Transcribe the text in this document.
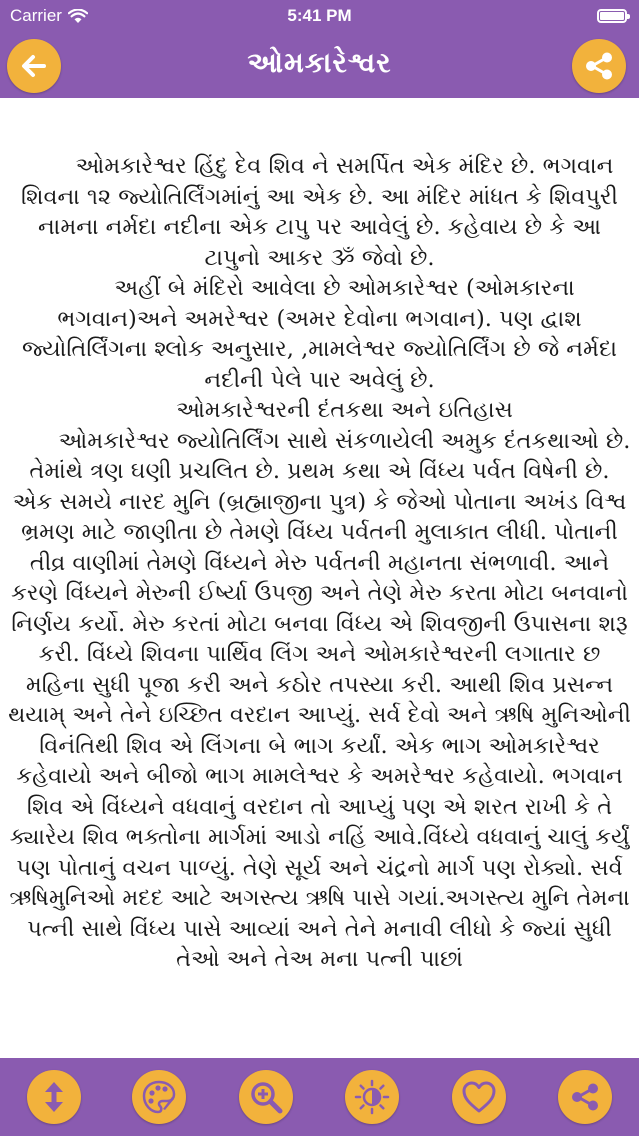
Carrier	5:41 PM
ઓમકારેશ્વર

ઓમકારેશ્વર હિંદુ દેવ શિવ ને સમર્પિત એક મંદિર છે. ભગવાન શિવના ૧૨ જ્યોતિર્લિંગમાંનું આ એક છે. આ મંદિર માંધત કે શિવપુરી નામના નર્મદા નદીના એક ટાપુ પર આવેલું છે. કહેવાય છે કે આ ટાપુનો આકર ૐ જેવો છે.

અહીં બે મંદિરો આવેલા છે ઓમકારેશ્વર (ઓમકારના ભગવાન)અને અમરેશ્વર (અમર દેવોના ભગવાન). પણ દ્વાશ જ્યોતિર્લિંગના શ્લોક અનુસાર, ,મામલેશ્વર જ્યોતિર્લિંગ છે જે નર્મદા નદીની પેલે પાર અવેલું છે.

ઓમકારેશ્વરની દંતકથા અને ઇતિહાસ

ઓમકારેશ્વર જ્યોતિર્લિંગ સાથે સંકળાયેલી અમુક દંતકથાઓ છે. તેમાંથે ત્રણ ઘણી પ્રચલિત છે. પ્રથમ કથા એ વિંધ્ય પર્વત વિષેની છે. એક સમયે નારદ મુનિ (બ્રહ્માજીના પુત્ર) કે જેઓ પોતાના અખંડ વિશ્વ ભ્રમણ માટે જાણીતા છે તેમણે વિંધ્ય પર્વતની મુલાકાત લીધી. પોતાની તીવ્ર વાણીમાં તેમણે વિંધ્યને મેરુ પર્વતની મહાનતા સંભળાવી. આને કરણે વિંધ્યને મેરુની ઈર્ષ્યા ઉપજી અને તેણે મેરુ કરતા મોટા બનવાનો નિર્ણય કર્યો. મેરુ કરતાં મોટા બનવા વિંધ્ય એ શિવજીની ઉપાસના શરૂ કરી. વિંધ્યે શિવના પાર્થિવ લિંગ અને ઓમકારેશ્વરની લગાતાર છ મહિના સુધી પૂજા કરી અને કઠોર તપસ્યા કરી. આથી શિવ પ્રસન્ન થયામ્ અને તેને ઇચ્છિત વરદાન આપ્યું. સર્વ દેવો અને ઋષિ મુનિઓની વિનંતિથી શિવ એ લિંગના બે ભાગ કર્યાં. એક ભાગ ઓમકારેશ્વર કહેવાયો અને બીજો ભાગ મામલેશ્વર કે અમરેશ્વર કહેવાયો. ભગવાન શિવ એ વિંધ્યને વધવાનું વરદાન તો આપ્યું પણ એ શરત રાખી કે તે ક્યારેય શિવ ભક્તોના માર્ગમાં આડો નહિં આવે.વિંધ્યે વધવાનું ચાલું કર્યું પણ પોતાનું વચન પાળ્યું. તેણે સૂર્ય અને ચંદ્રનો માર્ગ પણ રોક્યો. સર્વ ઋષિમુનિઓ મદદ આટે અગસ્ત્ય ઋષિ પાસે ગયાં.અગસ્ત્ય મુનિ તેમના પત્ની સાથે વિંધ્ય પાસે આવ્યાં અને તેને મનાવી લીધો કે જ્યાં સુધી તેઓ અને તેઅ મના પત્ની પાછાં
